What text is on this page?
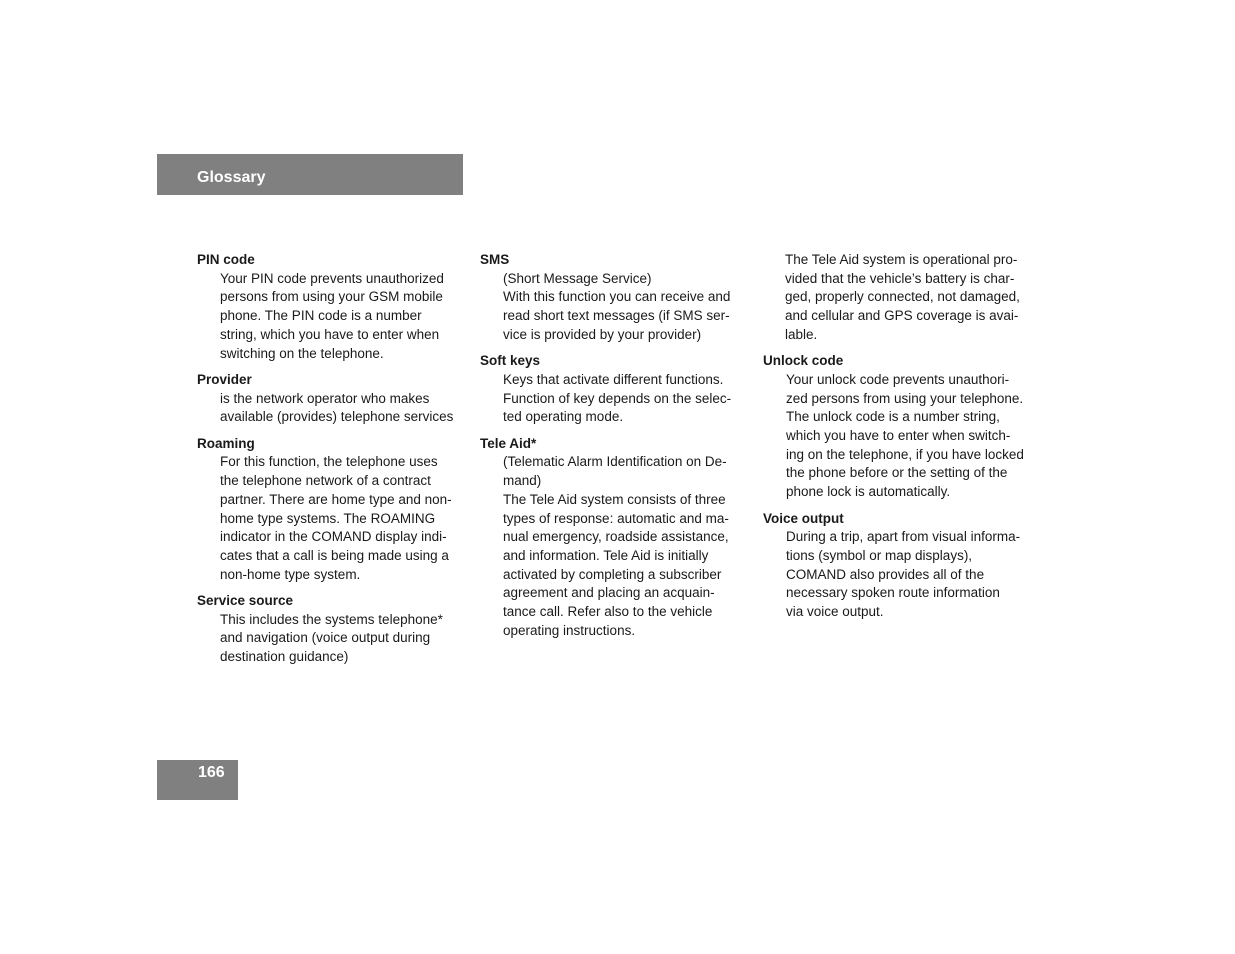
Glossary
PIN code
Your PIN code prevents unauthorized
persons from using your GSM mobile
phone. The PIN code is a number
string, which you have to enter when
switching on the telephone.
Provider
is the network operator who makes
available (provides) telephone services
Roaming
For this function, the telephone uses
the telephone network of a contract
partner. There are home type and non-
home type systems. The ROAMING
indicator in the COMAND display indi-
cates that a call is being made using a
non-home type system.
Service source
This includes the systems telephone*
and navigation (voice output during
destination guidance)
SMS
(Short Message Service)
With this function you can receive and
read short text messages (if SMS ser-
vice is provided by your provider)
Soft keys
Keys that activate different functions.
Function of key depends on the selec-
ted operating mode.
Tele Aid*
(Telematic Alarm Identification on De-
mand)
The Tele Aid system consists of three
types of response: automatic and ma-
nual emergency, roadside assistance,
and information. Tele Aid is initially
activated by completing a subscriber
agreement and placing an acquain-
tance call. Refer also to the vehicle
operating instructions.
The Tele Aid system is operational pro-
vided that the vehicle’s battery is char-
ged, properly connected, not damaged,
and cellular and GPS coverage is avai-
lable.
Unlock code
Your unlock code prevents unauthori-
zed persons from using your telephone.
The unlock code is a number string,
which you have to enter when switch-
ing on the telephone, if you have locked
the phone before or the setting of the
phone lock is automatically.
Voice output
During a trip, apart from visual informa-
tions (symbol or map displays),
COMAND also provides all of the
necessary spoken route information
via voice output.
166
